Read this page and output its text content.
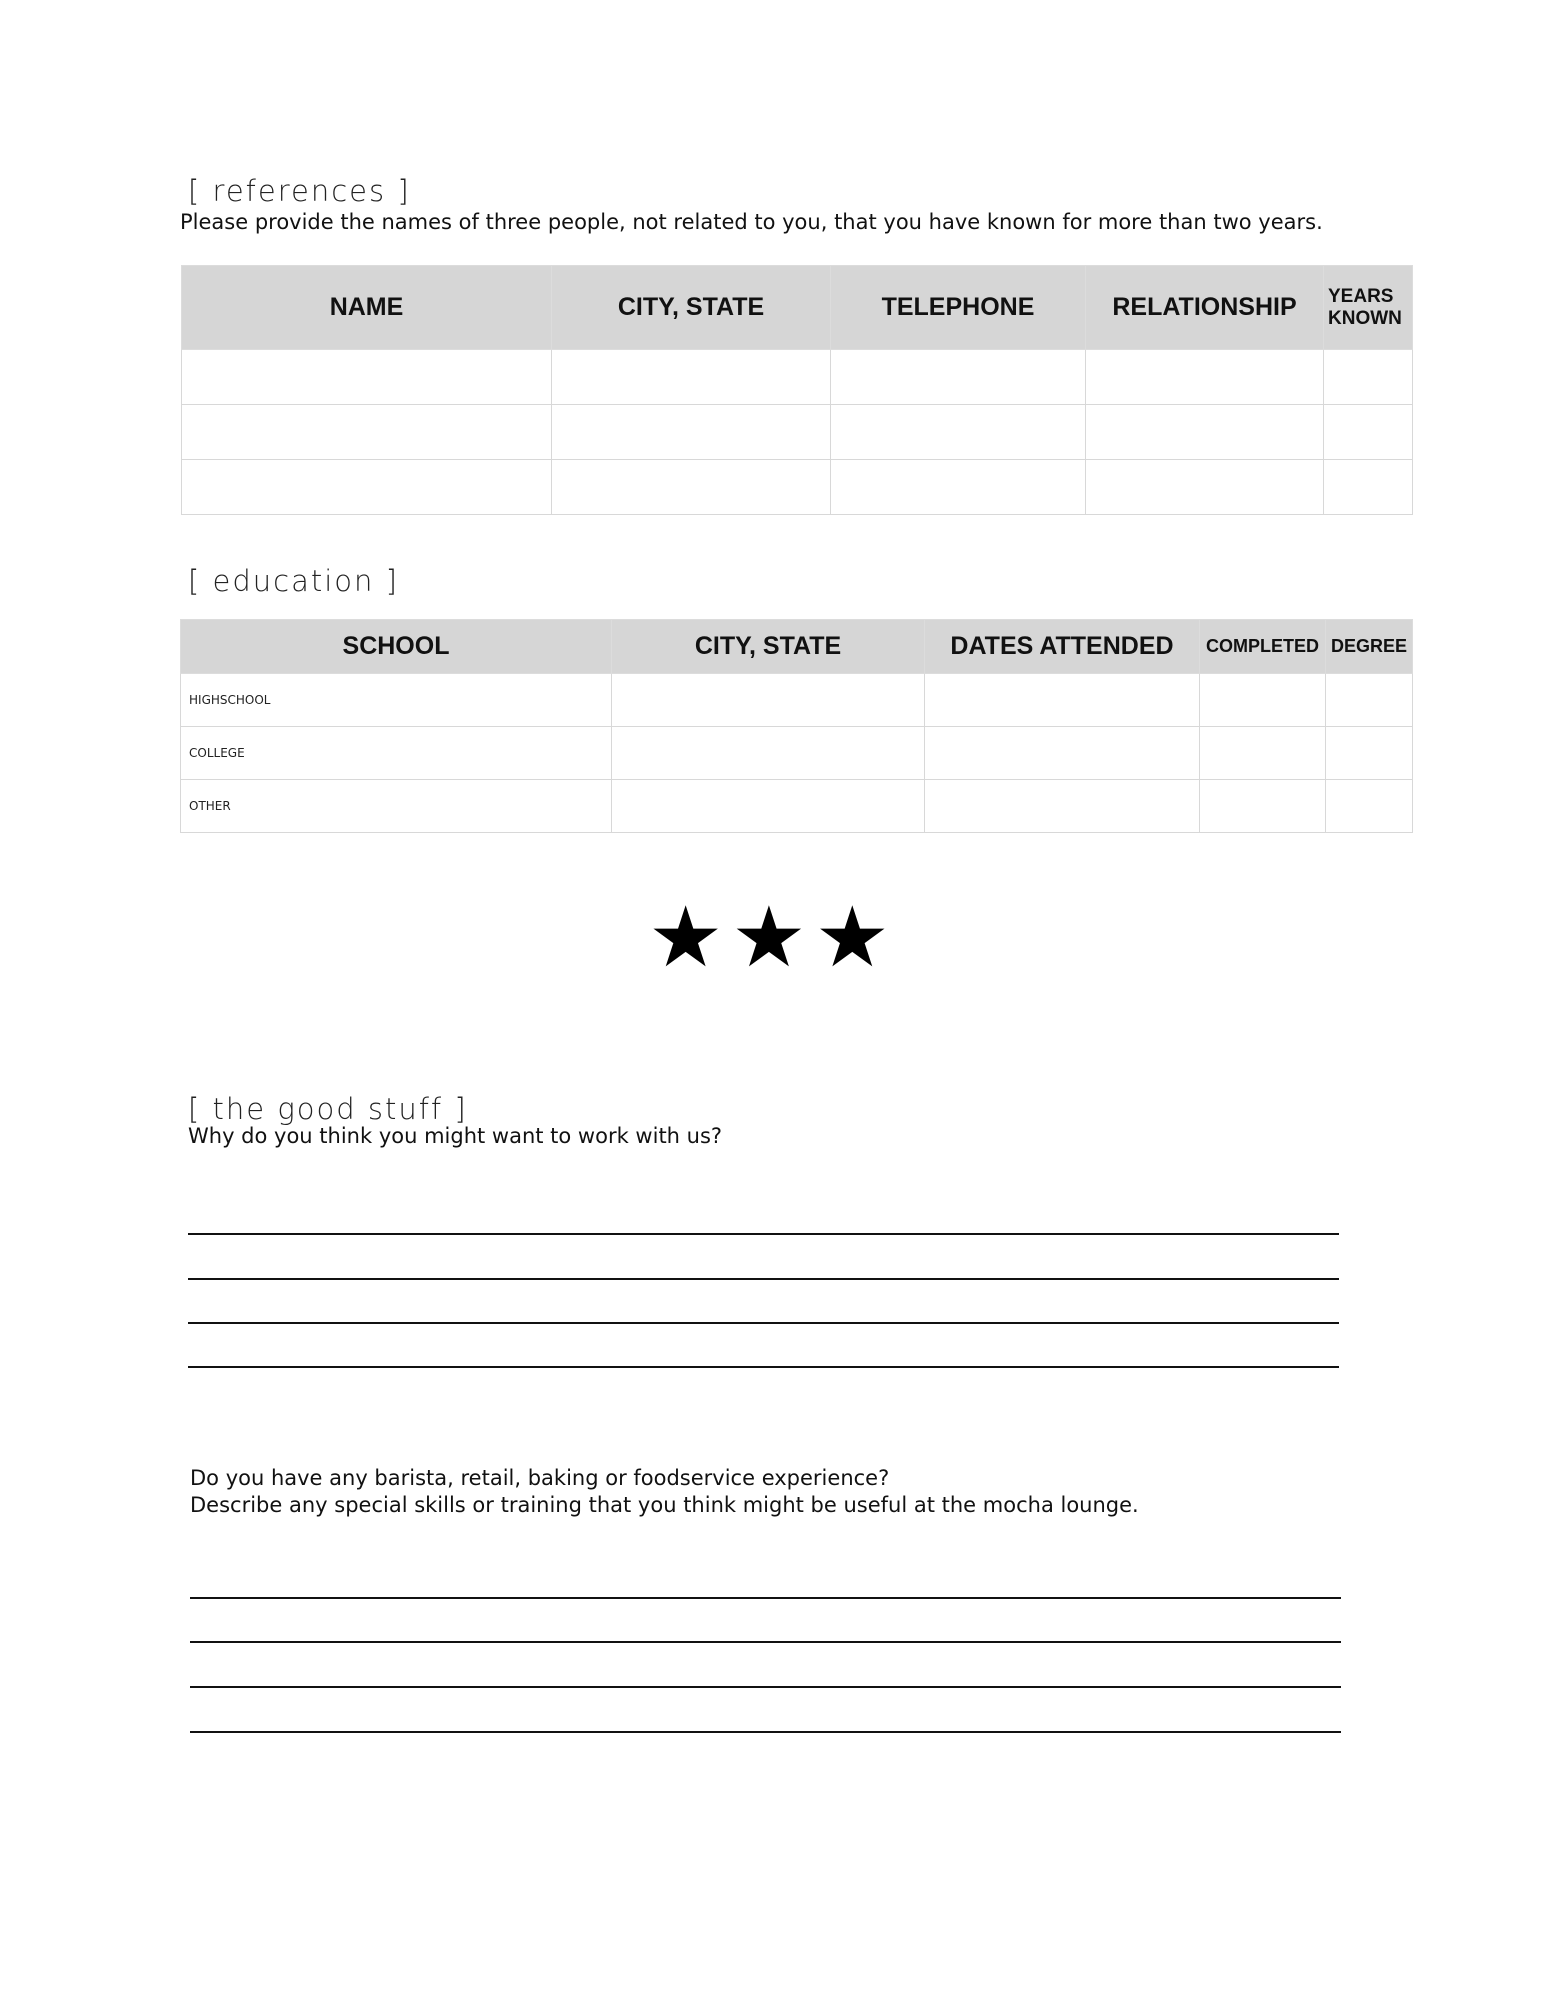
[ references ]
Please provide the names of three people, not related to you, that you have known for more than two years.
NAME	CITY, STATE	TELEPHONE	RELATIONSHIP	YEARS KNOWN

[ education ]
SCHOOL	CITY, STATE	DATES ATTENDED	COMPLETED	DEGREE
HIGHSCHOOL				
COLLEGE				
OTHER				
★★★
[ the good stuff ]
Why do you think you might want to work with us?
Do you have any barista, retail, baking or foodservice experience?
Describe any special skills or training that you think might be useful at the mocha lounge.
